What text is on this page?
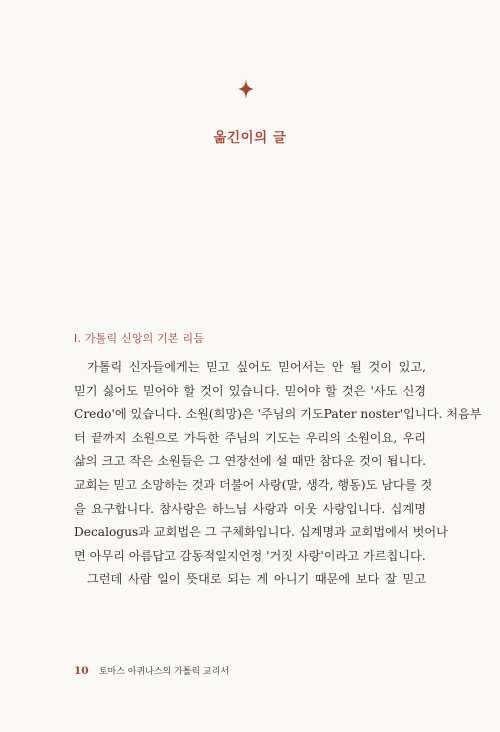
옮긴이의 글
I. 가톨릭 신앙의 기본 리듬
가톨릭 신자들에게는 믿고 싶어도 믿어서는 안 될 것이 있고,
믿기 싫어도 믿어야 할 것이 있습니다. 믿어야 할 것은 '사도 신경
Credo'에 있습니다. 소원(희망)은 '주님의 기도Pater noster'입니다. 처음부
터 끝까지 소원으로 가득한 주님의 기도는 우리의 소원이요, 우리
삶의 크고 작은 소원들은 그 연장선에 설 때만 참다운 것이 됩니다.
교회는 믿고 소망하는 것과 더불어 사랑(말, 생각, 행동)도 남다를 것
을 요구합니다. 참사랑은 하느님 사랑과 이웃 사랑입니다. 십계명
Decalogus과 교회법은 그 구체화입니다. 십계명과 교회법에서 벗어나
면 아무리 아름답고 감동적일지언정 '거짓 사랑'이라고 가르칩니다.
그런데 사람 일이 뜻대로 되는 게 아니기 때문에 보다 잘 믿고
10 토마스 아퀴나스의 가톨릭 교리서
